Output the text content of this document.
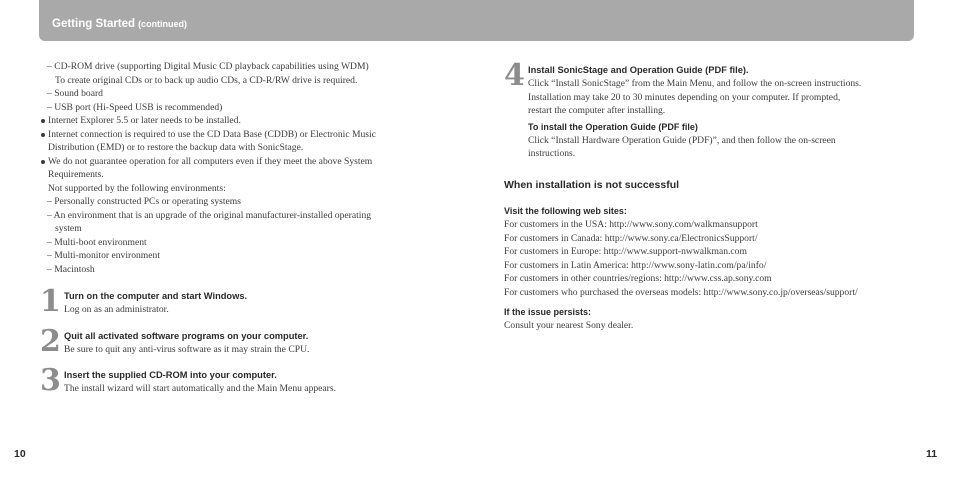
Getting Started (continued)
– CD-ROM drive (supporting Digital Music CD playback capabilities using WDM)
To create original CDs or to back up audio CDs, a CD-R/RW drive is required.
– Sound board
– USB port (Hi-Speed USB is recommended)
Internet Explorer 5.5 or later needs to be installed.
Internet connection is required to use the CD Data Base (CDDB) or Electronic Music
Distribution (EMD) or to restore the backup data with SonicStage.
We do not guarantee operation for all computers even if they meet the above System
Requirements.
Not supported by the following environments:
– Personally constructed PCs or operating systems
– An environment that is an upgrade of the original manufacturer-installed operating
system
– Multi-boot environment
– Multi-monitor environment
– Macintosh
1 Turn on the computer and start Windows.
Log on as an administrator.
2 Quit all activated software programs on your computer.
Be sure to quit any anti-virus software as it may strain the CPU.
3 Insert the supplied CD-ROM into your computer.
The install wizard will start automatically and the Main Menu appears.
4 Install SonicStage and Operation Guide (PDF file).
Click “Install SonicStage” from the Main Menu, and follow the on-screen instructions.
Installation may take 20 to 30 minutes depending on your computer. If prompted,
restart the computer after installing.
To install the Operation Guide (PDF file)
Click “Install Hardware Operation Guide (PDF)”, and then follow the on-screen
instructions.
When installation is not successful
Visit the following web sites:
For customers in the USA: http://www.sony.com/walkmansupport
For customers in Canada: http://www.sony.ca/ElectronicsSupport/
For customers in Europe: http://www.support-nwwalkman.com
For customers in Latin America: http://www.sony-latin.com/pa/info/
For customers in other countries/regions: http://www.css.ap.sony.com
For customers who purchased the overseas models: http://www.sony.co.jp/overseas/support/
If the issue persists:
Consult your nearest Sony dealer.
10	11
